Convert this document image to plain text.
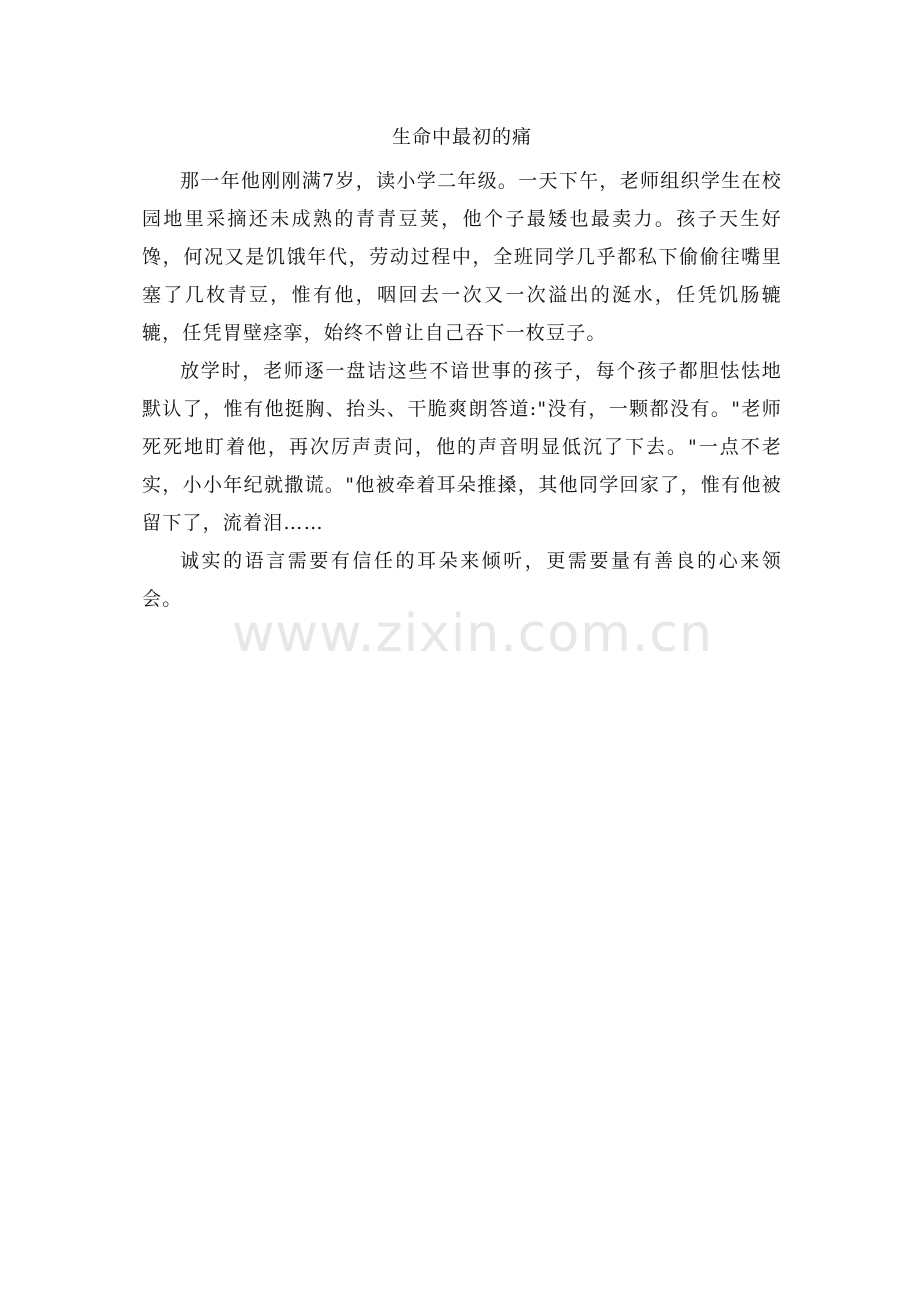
生命中最初的痛

那一年他刚刚满7岁，读小学二年级。一天下午，老师组织学生在校园地里采摘还未成熟的青青豆荚，他个子最矮也最卖力。孩子天生好馋，何况又是饥饿年代，劳动过程中，全班同学几乎都私下偷偷往嘴里塞了几枚青豆，惟有他，咽回去一次又一次溢出的涎水，任凭饥肠辘辘，任凭胃壁痉挛，始终不曾让自己吞下一枚豆子。

放学时，老师逐一盘诘这些不谙世事的孩子，每个孩子都胆怯怯地默认了，惟有他挺胸、抬头、干脆爽朗答道:"没有，一颗都没有。"老师死死地盯着他，再次厉声责问，他的声音明显低沉了下去。"一点不老实，小小年纪就撒谎。"他被牵着耳朵推搡，其他同学回家了，惟有他被留下了，流着泪……

诚实的语言需要有信任的耳朵来倾听，更需要量有善良的心来领会。

www.zixin.com.cn
